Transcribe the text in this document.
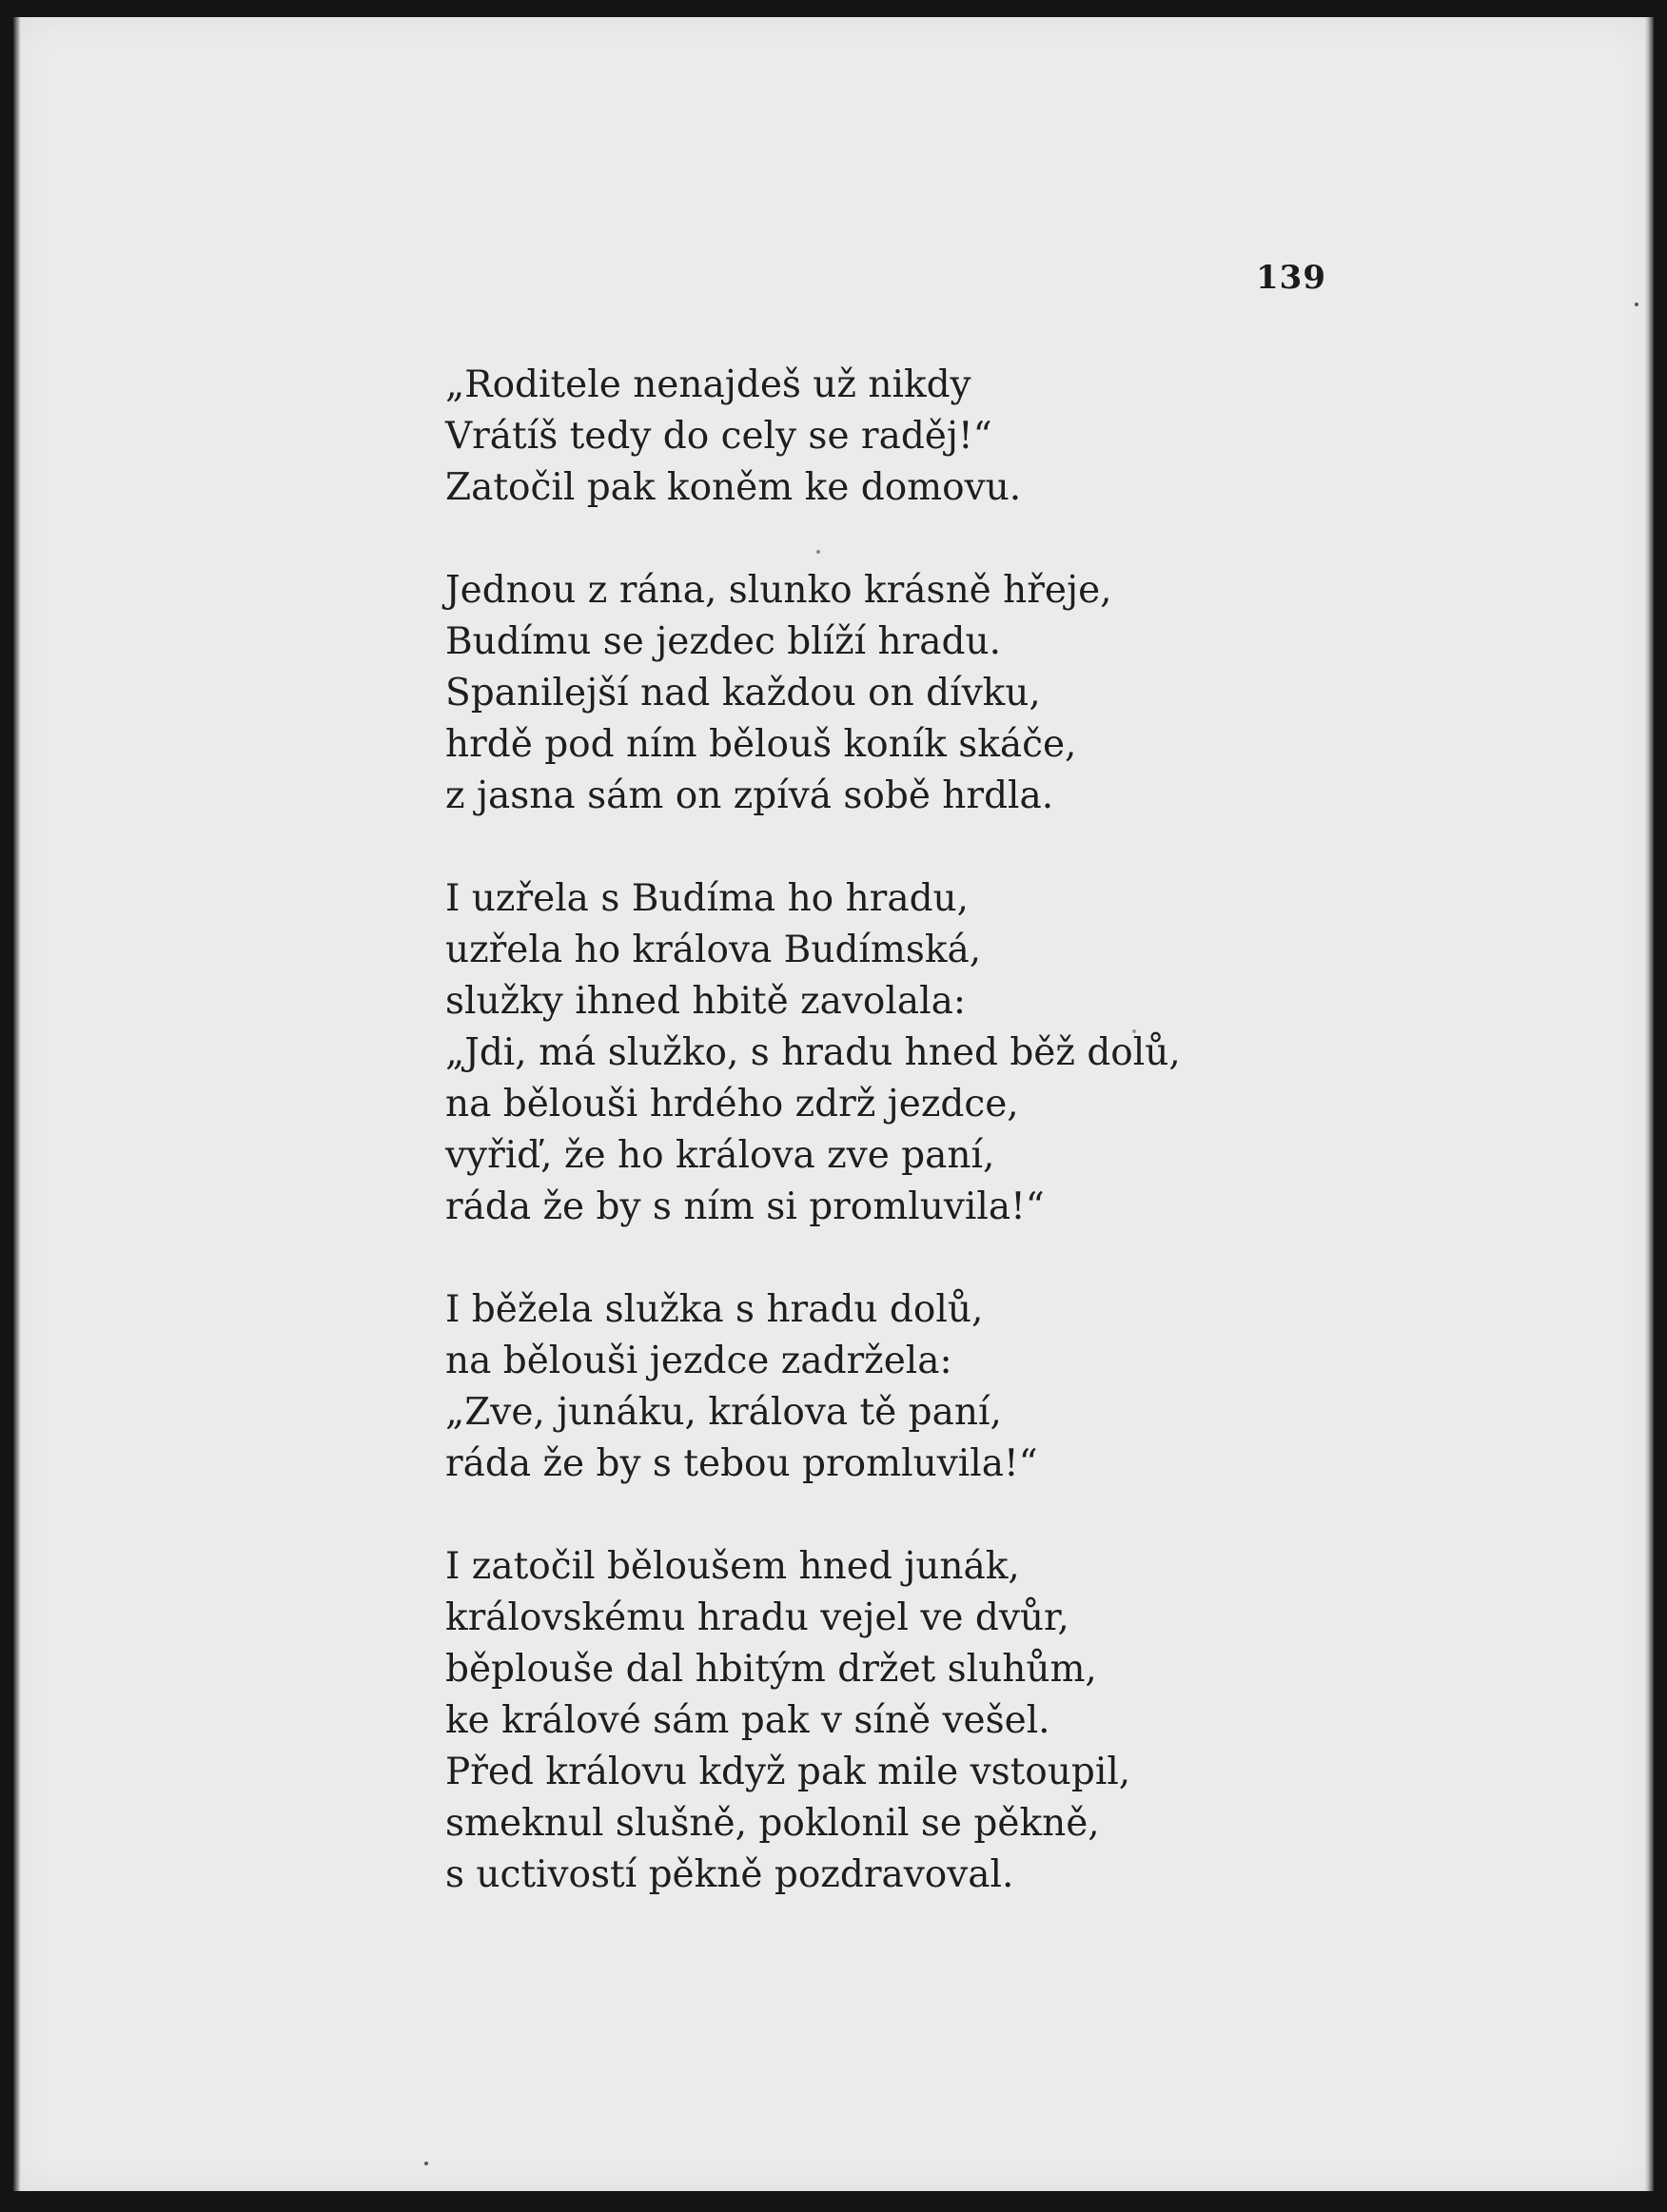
139
„Roditele nenajdeš už nikdy
Vrátíš tedy do cely se raděj!“
Zatočil pak koněm ke domovu.
Jednou z rána, slunko krásně hřeje,
Budímu se jezdec blíží hradu.
Spanilejší nad každou on dívku,
hrdě pod ním bělouš koník skáče,
z jasna sám on zpívá sobě hrdla.
I uzřela s Budíma ho hradu,
uzřela ho králova Budímská,
služky ihned hbitě zavolala:
„Jdi, má služko, s hradu hned běž dolů,
na bělouši hrdého zdrž jezdce,
vyřiď, že ho králova zve paní,
ráda že by s ním si promluvila!“
I běžela služka s hradu dolů,
na bělouši jezdce zadržela:
„Zve, junáku, králova tě paní,
ráda že by s tebou promluvila!“
I zatočil běloušem hned junák,
královskému hradu vejel ve dvůr,
běplouše dal hbitým držet sluhům,
ke králové sám pak v síně vešel.
Před královu když pak mile vstoupil,
smeknul slušně, poklonil se pěkně,
s uctivostí pěkně pozdravoval.
